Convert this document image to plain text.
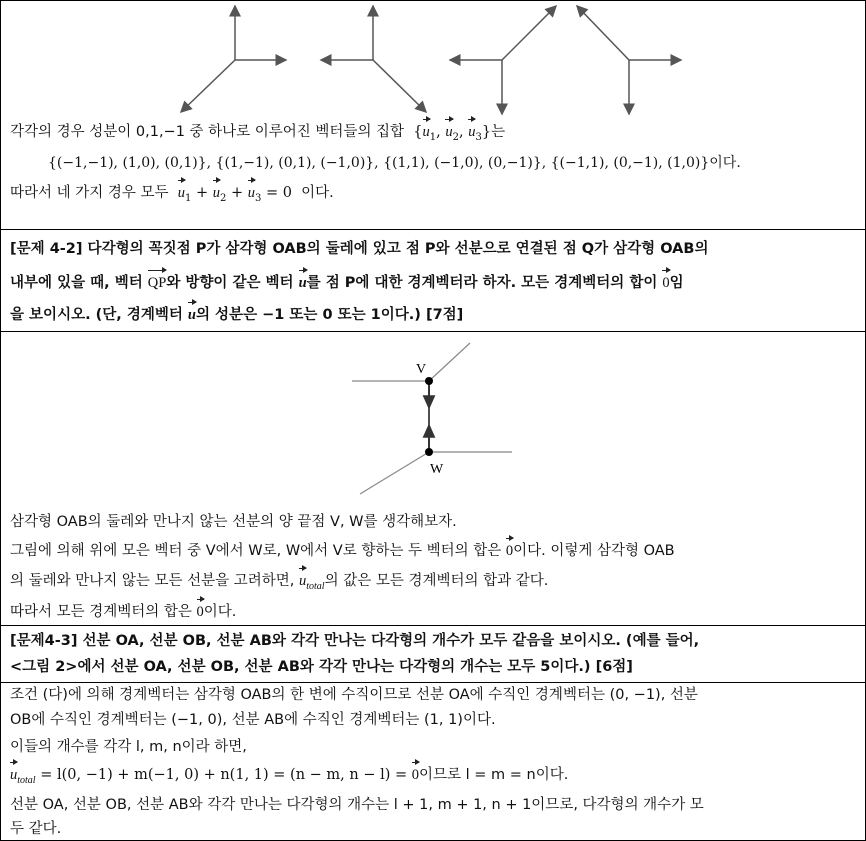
각각의 경우 성분이 0,1,−1 중 하나로 이루어진 벡터들의 집합  {$u_1$, $u_2$, $u_3$}는
{(−1,−1), (1,0), (0,1)}, {(1,−1), (0,1), (−1,0)}, {(1,1), (−1,0), (0,−1)}, {(−1,1), (0,−1), (1,0)}이다.
따라서 네 가지 경우 모두 $u_1 + u_2 + u_3 = 0$ 이다.
[문제 4-2] 다각형의 꼭짓점 P가 삼각형 OAB의 둘레에 있고 점 P와 선분으로 연결된 점 Q가 삼각형 OAB의
내부에 있을 때, 벡터 QP와 방향이 같은 벡터 u를 점 P에 대한 경계벡터라 하자. 모든 경계벡터의 합이 0임
을 보이시오. (단, 경계벡터 u의 성분은 −1 또는 0 또는 1이다.) [7점]
V
W
삼각형 OAB의 둘레와 만나지 않는 선분의 양 끝점 V, W를 생각해보자.
그림에 의해 위에 모은 벡터 중 V에서 W로, W에서 V로 향하는 두 벡터의 합은 0이다. 이렇게 삼각형 OAB
의 둘레와 만나지 않는 모든 선분을 고려하면, $u_{total}$의 값은 모든 경계벡터의 합과 같다.
따라서 모든 경계벡터의 합은 0이다.
[문제4-3] 선분 OA, 선분 OB, 선분 AB와 각각 만나는 다각형의 개수가 모두 같음을 보이시오. (예를 들어,
<그림 2>에서 선분 OA, 선분 OB, 선분 AB와 각각 만나는 다각형의 개수는 모두 5이다.) [6점]
조건 (다)에 의해 경계벡터는 삼각형 OAB의 한 변에 수직이므로 선분 OA에 수직인 경계벡터는 (0, −1), 선분
OB에 수직인 경계벡터는 (−1, 0), 선분 AB에 수직인 경계벡터는 (1, 1)이다.
이들의 개수를 각각 l, m, n이라 하면,
$u_{total} = l(0$, −1) + m(−1, 0) + n(1, 1) = (n − m, n − l) = 0이므로 l = m = n이다.
선분 OA, 선분 OB, 선분 AB와 각각 만나는 다각형의 개수는 l + 1, m + 1, n + 1이므로, 다각형의 개수가 모
두 같다.
